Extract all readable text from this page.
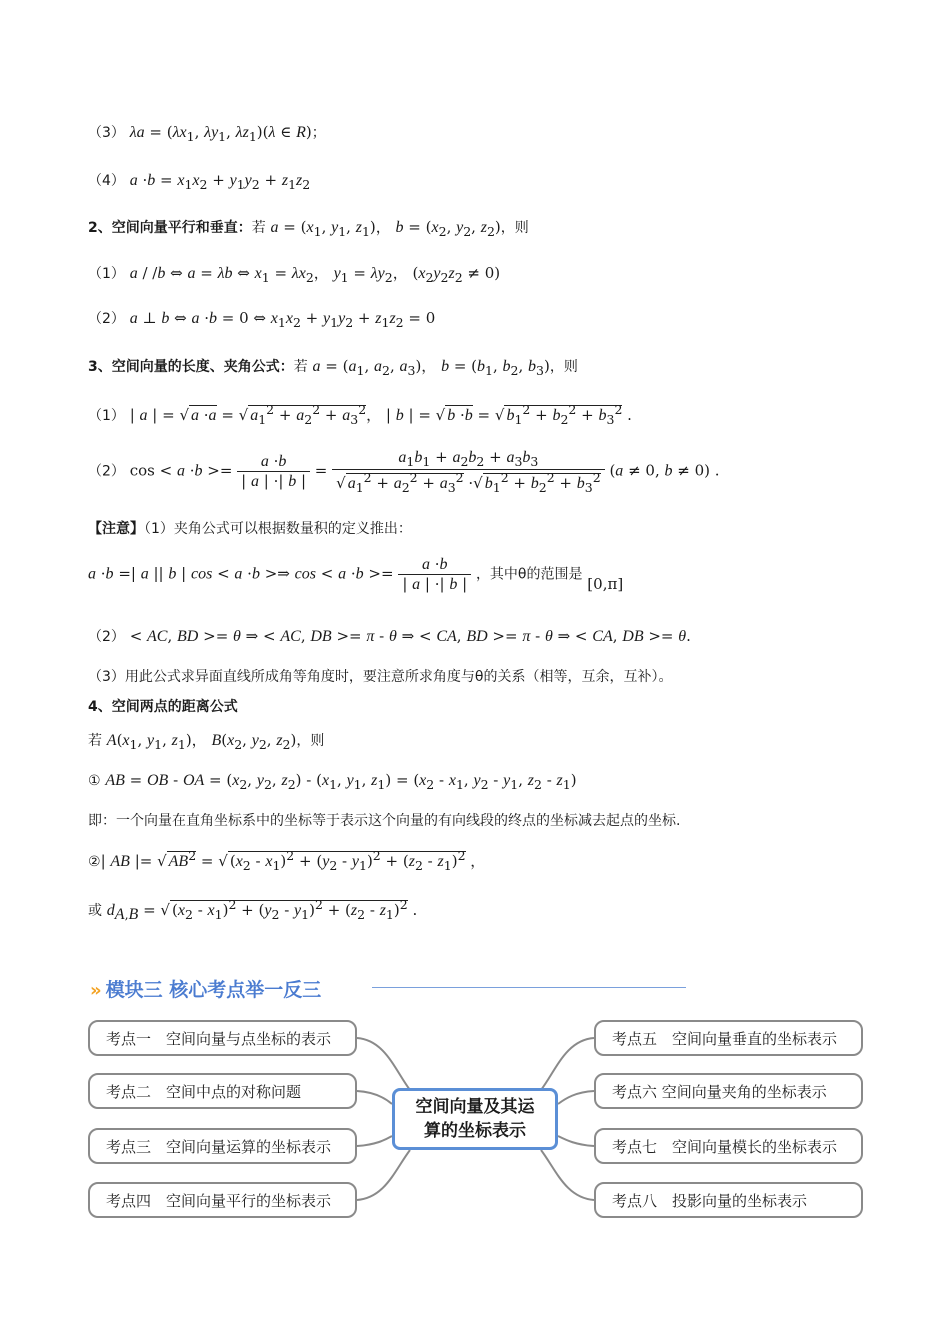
（3） $\lambda a = (\lambda x_1$, $\lambda y_1$, $\lambda z_1)(\lambda$ ∈ R)；
（4） $a \cdot b = x_1x_2 + y_1y_2 + z_1z_2$
2、空间向量平行和垂直：若 $a = (x_1$, $y_1$, $z_1$)， $b = (x_2$, $y_2$, $z_2$)，则
（1） a / /b ⇔ a = λb ⇔ $x_1 = \lambda x_2$， $y_1 = \lambda y_2$， $(x_2y_2z_2 \ne 0)$
（2） a ⊥ b ⇔ a ·b = 0 ⇔ $x_1x_2 + y_1y_2 + z_1z_2 = 0$
3、空间向量的长度、夹角公式：若 $a = (a_1$, $a_2$, $a_3$)， $b = (b_1$, $b_2$, $b_3$)，则
（1） | a | = √ a ·a = √ $a_1^2 + a_2^2 + a_3^2$， | b | = √ b ·b = √ $b_1^2 + b_2^2 + b_3^2$ .
（2） $\cos < a \cdot b >= \frac{a \cdot b}{| a | \cdot| b |} = \frac{a_1b_1 + a_2b_2 + a_3b_3}{√ a_1^2 + a_2^2 + a_3^2 \cdot√ b_1^2 + b_2^2 + b_3^2} (a \ne 0$, b ≠ 0) .
【注意】（1）夹角公式可以根据数量积的定义推出：
a ·b =| a || b | cos < a ·b >⇒ $\cos < a \cdot b >= \frac{a \cdot b}{| a | \cdot| b |}$ ，其中θ的范围是 [0,π]
（2） < AC, BD >= θ ⇒ < AC, DB >= π - θ ⇒ < CA, BD >= π - θ ⇒ < CA, DB >= θ.
（3）用此公式求异面直线所成角等角度时，要注意所求角度与θ的关系（相等，互余，互补）。
4、空间两点的距离公式
若 $A(x_1$, $y_1$, $z_1$)， $B(x_2$, $y_2$, $z_2$)，则
① AB = OB - OA = ($x_2$, $y_2$, $z_2) - (x_1$, $y_1$, $z_1) = (x_2 - x_1$, $y_2 - y_1$, $z_2 - z_1$)
即：一个向量在直角坐标系中的坐标等于表示这个向量的有向线段的终点的坐标减去起点的坐标.
②| AB |= √ $AB^2$ = √ $(x_2 - x_1)^2 + (y_2 - y_1)^2 + (z_2 - z_1)^2$ ，
或 $d_{A,B}$ = √ $(x_2 - x_1)^2 + (y_2 - y_1)^2 + (z_2 - z_1)^2$ .
» 模块三 核心考点举一反三
考点一　空间向量与点坐标的表示
考点二　空间中点的对称问题
考点三　空间向量运算的坐标表示
考点四　空间向量平行的坐标表示
空间向量及其运
算的坐标表示
考点五　空间向量垂直的坐标表示
考点六 空间向量夹角的坐标表示
考点七　空间向量模长的坐标表示
考点八　投影向量的坐标表示
